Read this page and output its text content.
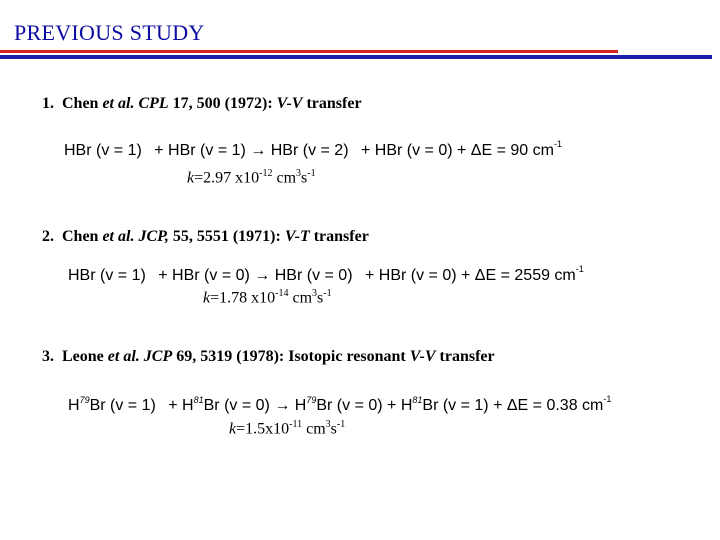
PREVIOUS STUDY
1. Chen et al. CPL 17, 500 (1972): V-V transfer
HBr (v = 1) + HBr (v = 1) → HBr (v = 2) + HBr (v = 0) + ΔE = 90 $cm^{-1}$
k=2.97 $x10^{-12}$ $cm^3s^{-1}$
2. Chen et al. JCP, 55, 5551 (1971): V-T transfer
HBr (v = 1) + HBr (v = 0) → HBr (v = 0) + HBr (v = 0) + ΔE = 2559 $cm^{-1}$
k=1.78 $x10^{-14}$ $cm^3s^{-1}$
3. Leone et al. JCP 69, 5319 (1978): Isotopic resonant V-V transfer
$H^{79}Br$ $(v = 1) + H^{81}Br$ $(v = 0) \to H^{79}Br$ $(v = 0) + H^{81}Br$ (v = 1) + ΔE = 0.38 $cm^{-1}$
$k=1.5x10^{-11}$ $cm^3s^{-1}$
